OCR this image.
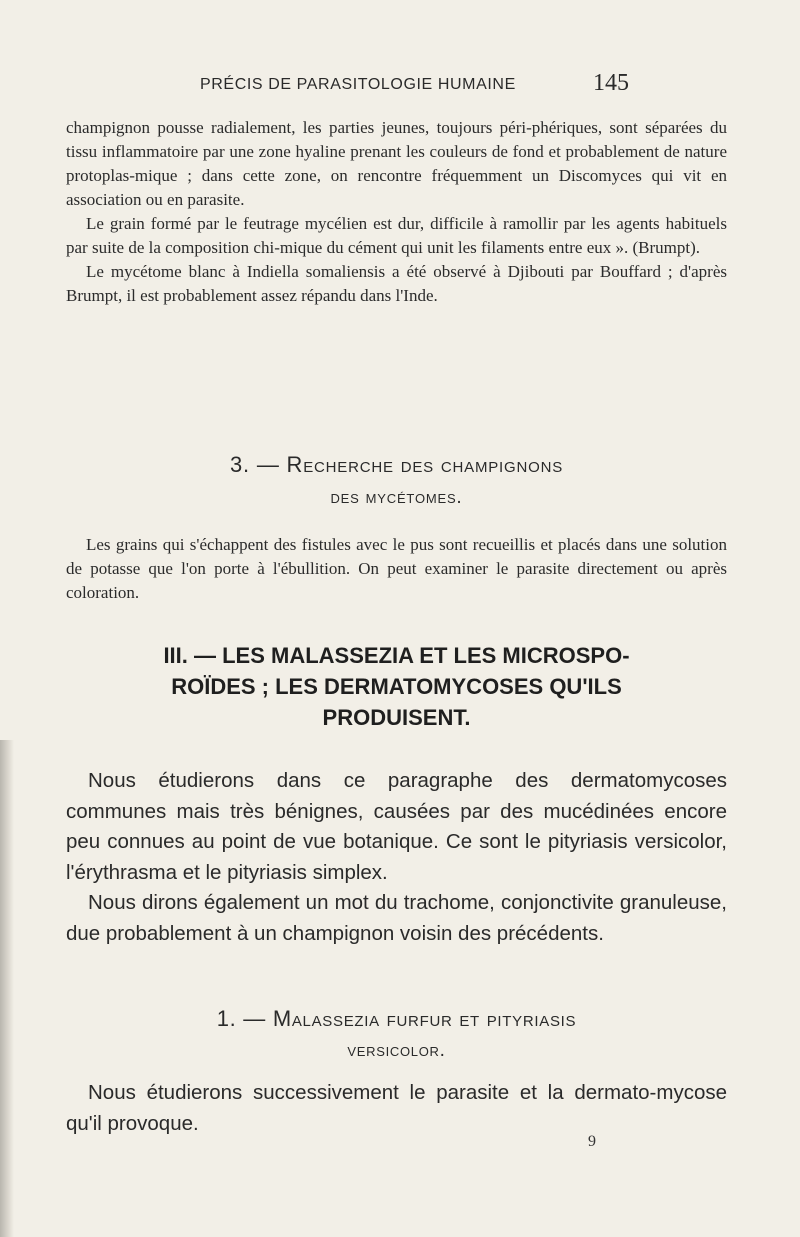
PRÉCIS DE PARASITOLOGIE HUMAINE	145

champignon pousse radialement, les parties jeunes, toujours péri-phériques, sont séparées du tissu inflammatoire par une zone hyaline prenant les couleurs de fond et probablement de nature protoplas-mique ; dans cette zone, on rencontre fréquemment un Discomyces qui vit en association ou en parasite.

Le grain formé par le feutrage mycélien est dur, difficile à ramollir par les agents habituels par suite de la composition chi-mique du cément qui unit les filaments entre eux ». (Brumpt).

Le mycétome blanc à Indiella somaliensis a été observé à Djibouti par Bouffard ; d'après Brumpt, il est probablement assez répandu dans l'Inde.

3. — Recherche des champignons
des mycétomes.

Les grains qui s'échappent des fistules avec le pus sont recueillis et placés dans une solution de potasse que l'on porte à l'ébullition. On peut examiner le parasite directement ou après coloration.

III. — LES MALASSEZIA ET LES MICROSPO-
ROÏDES ; LES DERMATOMYCOSES QU'ILS
PRODUISENT.

Nous étudierons dans ce paragraphe des dermatomycoses communes mais très bénignes, causées par des mucédinées encore peu connues au point de vue botanique. Ce sont le pityriasis versicolor, l'érythrasma et le pityriasis simplex.

Nous dirons également un mot du trachome, conjonctivite granuleuse, due probablement à un champignon voisin des précédents.

1. — Malassezia furfur et pityriasis
versicolor.

Nous étudierons successivement le parasite et la dermato-mycose qu'il provoque.

9
